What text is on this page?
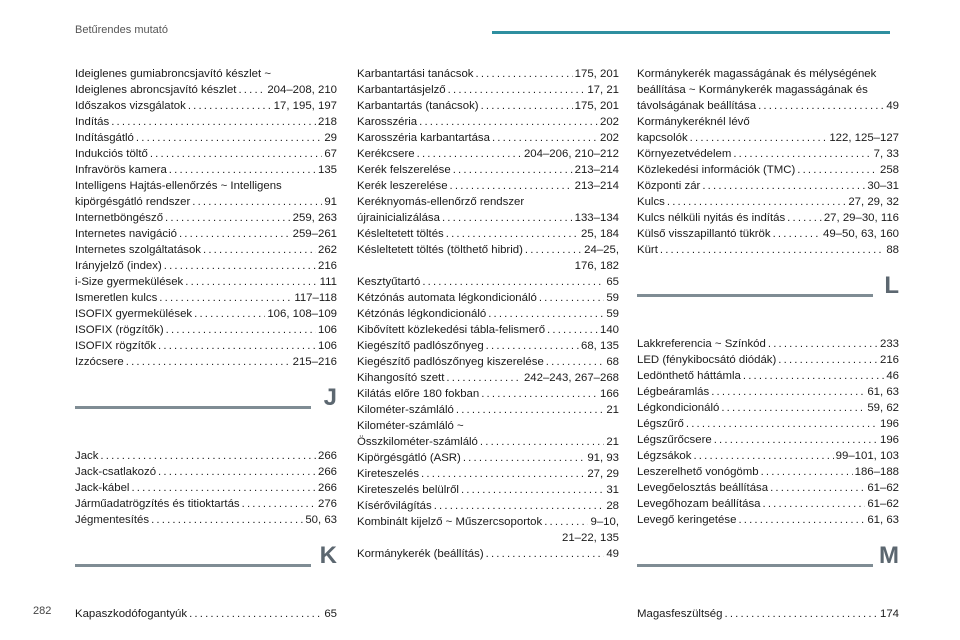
Betűrendes mutató
Ideiglenes gumiabroncsjavító készlet ~
Ideiglenes abroncsjavító készlet . . .	204–208, 210
Időszakos vizsgálatok . . .	17, 195, 197
Indítás . . .	218
Indításgátló . . .	29
Indukciós töltő . . .	67
Infravörös kamera . . .	135
Intelligens Hajtás-ellenőrzés ~ Intelligens
kipörgésgátló rendszer . . .	91
Internetböngésző . . .	259, 263
Internetes navigáció . . .	259–261
Internetes szolgáltatások . . .	262
Irányjelző (index) . . .	216
i-Size gyermekülések . . .	111
Ismeretlen kulcs . . .	117–118
ISOFIX gyermekülések . . .	106, 108–109
ISOFIX (rögzítők) . . .	106
ISOFIX rögzítők . . .	106
Izzócsere . . .	215–216
J
Jack . . .	266
Jack-csatlakozó . . .	266
Jack-kábel . . .	266
Járműadatrögzítés és titioktartás . . .	276
Jégmentesítés . . .	50, 63
K
Kapaszkodófogantyúk . . .	65
Karbantartási tanácsok . . .	175, 201
Karbantartásjelző . . .	17, 21
Karbantartás (tanácsok) . . .	175, 201
Karosszéria . . .	202
Karosszéria karbantartása . . .	202
Kerékcsere . . .	204–206, 210–212
Kerék felszerelése . . .	213–214
Kerék leszerelése . . .	213–214
Keréknyomás-ellenőrző rendszer
újrainicializálása . . .	133–134
Késleltetett töltés . . .	25, 184
Késleltetett töltés (tölthető hibrid) . . .	24–25,
176, 182
Kesztyűtartó . . .	65
Kétzónás automata légkondicionáló . . .	59
Kétzónás légkondicionáló . . .	59
Kibővített közlekedési tábla-felismerő . . .	140
Kiegészítő padlószőnyeg . . .	68, 135
Kiegészítő padlószőnyeg kiszerelése . . .	68
Kihangosító szett . . .	242–243, 267–268
Kilátás előre 180 fokban . . .	166
Kilométer-számláló . . .	21
Kilométer-számláló ~
Összkilométer-számláló . . .	21
Kipörgésgátló (ASR) . . .	91, 93
Kireteszelés . . .	27, 29
Kireteszelés belülről . . .	31
Kísérővilágítás . . .	28
Kombinált kijelző ~ Műszercsoportok . . .	9–10,
21–22, 135
Kormánykerék (beállítás) . . .	49
Kormánykerék magasságának és mélységének
beállítása ~ Kormánykerék magasságának és
távolságának beállítása . . .	49
Kormánykeréknél lévő
kapcsolók . . .	122, 125–127
Környezetvédelem . . .	7, 33
Közlekedési információk (TMC) . . .	258
Központi zár . . .	30–31
Kulcs . . .	27, 29, 32
Kulcs nélküli nyitás és indítás . . .	27, 29–30, 116
Külső visszapillantó tükrök . . .	49–50, 63, 160
Kürt . . .	88
L
Lakkreferencia ~ Színkód . . .	233
LED (fénykibocsátó diódák) . . .	216
Ledönthető háttámla . . .	46
Légbeáramlás . . .	61, 63
Légkondicionáló . . .	59, 62
Légszűrő . . .	196
Légszűrőcsere . . .	196
Légzsákok . . .	99–101, 103
Leszerelhető vonógömb . . .	186–188
Levegőelosztás beállítása . . .	61–62
Levegőhozam beállítása . . .	61–62
Levegő keringetése . . .	61, 63
M
Magasfeszültség . . .	174
282
